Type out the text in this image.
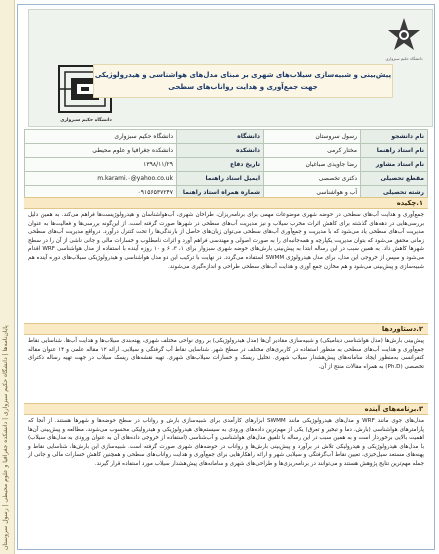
پایان‌نامه‌ها | دانشگاه حکیم سبزواری | دانشکده جغرافیا و علوم محیطی | رسول سروستان
دانشگاه حکیم سبزواری
دانشگاه حکیم سبزواری
پیش‌بینی و شبیه‌سازی سیلاب‌های شهری بر مبنای مدل‌های هواشناسی و هیدرولوژیکی
جهت جمع‌آوری و هدایت رواناب‌های سطحی
نام دانشجو	رسول سروستان	دانشگاه	دانشگاه حکیم سبزواری
نام استاد راهنما	مختار کرمی	دانشکده	دانشکده جغرافیا و علوم محیطی
نام استاد مشاور	رضا جاویدی صباغیان	تاریخ دفاع	۱۳۹۸/۱۱/۲۹
مقطع تحصیلی	دکتری تخصصی	ایمیل استاد راهنما	m.karami.۰@yahoo.co.uk
رشته تحصیلی	آب و هواشناسی	شماره همراه استاد راهنما	۰۹۱۵۶۵۳۷۲۴۷
۱.چکیده
جمع‌آوری و هدایت آب‌های سطحی در حوضه شهری موضوعات مهمی برای برنامه‌ریزان، طراحان شهری، آب‌هواشناسان و هیدرولوژیست‌ها فراهم می‌کند. به همین دلیل بررسی‌هایی در دهه‌های گذشته برای کاهش اثرات مخرب سیلاب و نیز مدیریت آب‌های سطحی در شهرها صورت گرفته است. از این‌گونه بررسی‌ها و فعالیت‌ها به عنوان مدیریت آب‌های سطحی یاد می‌شود که با مدیریت و جمع‌آوری آب‌های سطحی می‌توان زیان‌های حاصل از بارندگی‌ها را تحت کنترل درآورد. درواقع مدیریت آب‌های سطحی زمانی محقق می‌شود که بتوان مدیریت یکپارچه و همه‌جانبه‌ای را به صورت اصولی و مهندسی فراهم آورد و اثرات نامطلوب و خسارات مالی و جانی ناشی از آن را در سطح شهرها کاهش داد. به همین سبب در این رساله ابتدا به پیش‌بینی بارش‌های حوضه شهری سبزوار برای ۱، ۳، ۶ و ۱۰ روزه آینده با استفاده از مدل هواشناسی WRF اقدام می‌شود و سپس از خروجی این مدل، برای مدل هیدرولوژی SWMM استفاده می‌گردد. در نهایت با ترکیب این دو مدل هواشناسی و هیدرولوژیکی سیلاب‌های دوره آینده هم شبیه‌سازی و پیش‌بینی می‌شود و هم مخازن جمع آوری و هدایت آب‌های سطحی طراحی و اندازه‌گیری می‌شوند.
۲.دستاوردها
پیش‌بینی بارش‌ها (مدل هواشناسی دینامیکی) و شبیه‌سازی مقادیر آن‌ها (مدل هیدرولوژیکی) بر روی نواحی مختلف شهری، پهنه‌بندی سیلاب‌ها و هدایت آب‌ها. شناسایی نقاط جمع‌آوری و هدایت آب‌های سطحی به منظور استفاده در کاربری‌های مختلف در سطح شهر. شناسایی نقاط آب گرفتگی و سیلابی. ارائه ۱۲ مقاله علمی و ۱۴ عنوان مقاله کنفرانسی به‌منظور ایجاد سامانه‌های پیش‌هشدار سیلاب شهری. تحلیل ریسک و خسارات سیلاب‌های شهری. تهیه نقشه‌های ریسک سیلاب در جهت تهیه رساله دکترای تخصصی (Ph.D) به همراه مقالات منتج از آن.
۳.برنامه‌های آینده
مدل‌های جوی مانند WRF و مدل‌های هیدرولوژیکی مانند SWMM ابزارهای کارآمدی برای شبیه‌سازی بارش و رواناب در سطح حوضه‌ها و شهرها هستند. از آنجا که پارامترهای هواشناسی (بارش، دما و تبخیر و تعرق) یکی از مهم‌ترین داده‌های ورودی به سیستم‌های هیدرولوژیکی و هیدرولیکی محسوب می‌شوند، مطالعه و پیش‌بینی آن‌ها اهمیت بالایی برخوردار است و به همین سبب در این رساله با تلفیق مدل‌های هواشناسی و آب‌شناسی (استفاده از خروجی داده‌های آن به عنوان ورودی به مدل‌های سیلاب) با مدل‌های هیدرولوژیکی و هیدرولیکی تلاش در برآورد و پیش‌بینی بارش‌ها و رواناب در حوضه‌های شهری صورت گرفته است. شبیه‌سازی این بارش‌ها، شناسایی نقاط و پهنه‌های مستعد سیل‌خیزی، تعیین نقاط آب‌گرفتگی و سیلابی شهر و ارائه راهکارهایی برای جمع‌آوری و هدایت رواناب‌های سطحی و همچنین کاهش خسارات مالی و جانی از جمله مهم‌ترین نتایج پژوهش هستند و می‌توانند در برنامه‌ریزی‌ها و طراحی‌های شهری و سامانه‌های پیش‌هشدار سیلاب مورد استفاده قرار گیرند.
